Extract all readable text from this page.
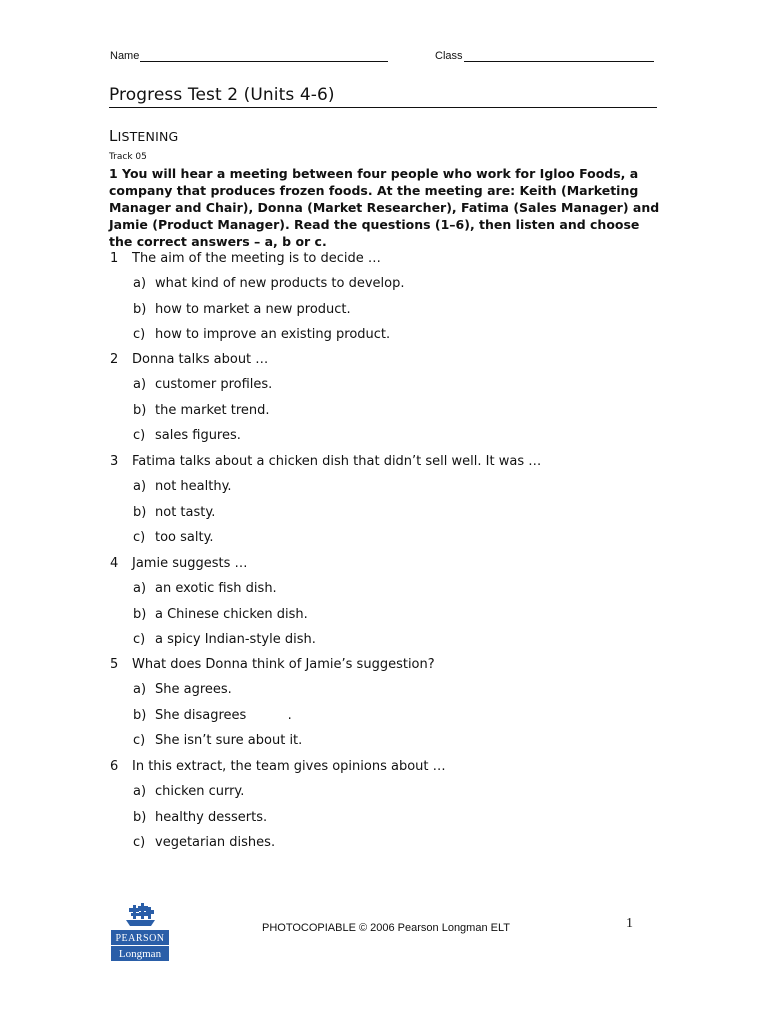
Name	Class
Progress Test 2 (Units 4-6)
LISTENING
Track 05
1 You will hear a meeting between four people who work for Igloo Foods, a company that produces frozen foods. At the meeting are: Keith (Marketing Manager and Chair), Donna (Market Researcher), Fatima (Sales Manager) and Jamie (Product Manager). Read the questions (1–6), then listen and choose the correct answers – a, b or c.
1 The aim of the meeting is to decide …
a) what kind of new products to develop.
b) how to market a new product.
c) how to improve an existing product.
2 Donna talks about …
a) customer profiles.
b) the market trend.
c) sales figures.
3 Fatima talks about a chicken dish that didn’t sell well. It was …
a) not healthy.
b) not tasty.
c) too salty.
4 Jamie suggests …
a) an exotic fish dish.
b) a Chinese chicken dish.
c) a spicy Indian-style dish.
5 What does Donna think of Jamie’s suggestion?
a) She agrees.
b) She disagrees          .
c) She isn’t sure about it.
6 In this extract, the team gives opinions about …
a) chicken curry.
b) healthy desserts.
c) vegetarian dishes.
PEARSON
Longman
PHOTOCOPIABLE © 2006 Pearson Longman ELT	1
